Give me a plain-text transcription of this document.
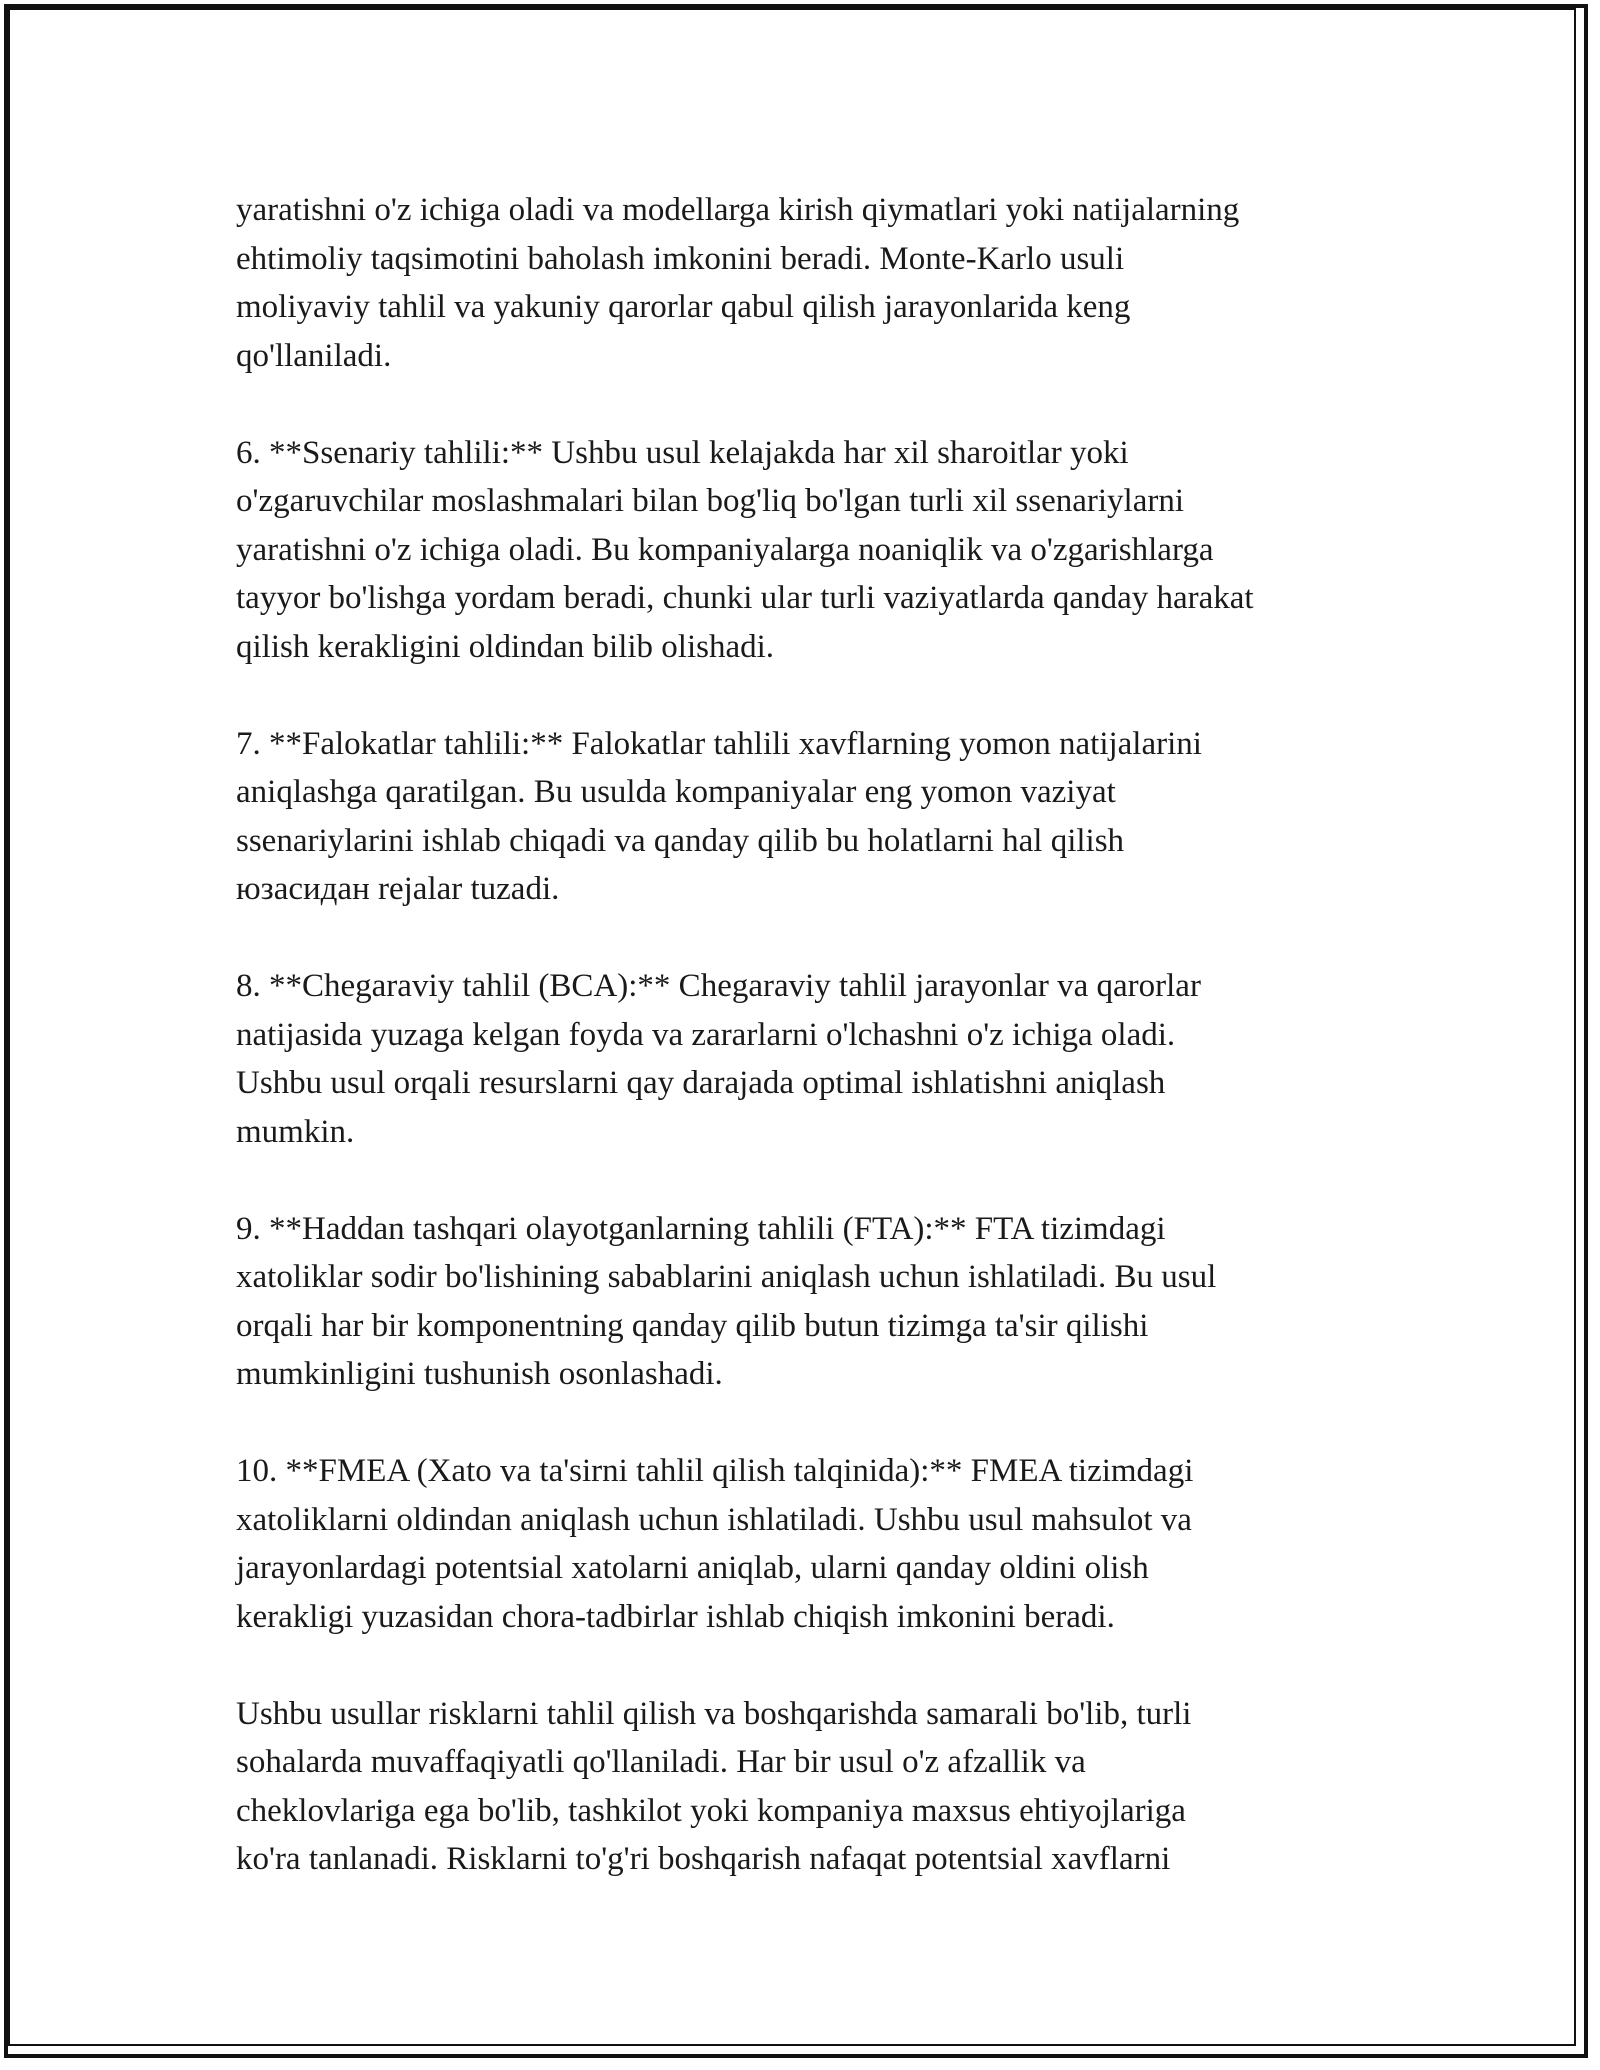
yaratishni o'z ichiga oladi va modellarga kirish qiymatlari yoki natijalarning
ehtimoliy taqsimotini baholash imkonini beradi. Monte-Karlo usuli
moliyaviy tahlil va yakuniy qarorlar qabul qilish jarayonlarida keng
qo'llaniladi.

6. **Ssenariy tahlili:** Ushbu usul kelajakda har xil sharoitlar yoki
o'zgaruvchilar moslashmalari bilan bog'liq bo'lgan turli xil ssenariylarni
yaratishni o'z ichiga oladi. Bu kompaniyalarga noaniqlik va o'zgarishlarga
tayyor bo'lishga yordam beradi, chunki ular turli vaziyatlarda qanday harakat
qilish kerakligini oldindan bilib olishadi.

7. **Falokatlar tahlili:** Falokatlar tahlili xavflarning yomon natijalarini
aniqlashga qaratilgan. Bu usulda kompaniyalar eng yomon vaziyat
ssenariylarini ishlab chiqadi va qanday qilib bu holatlarni hal qilish
юзасидан rejalar tuzadi.

8. **Chegaraviy tahlil (BCA):** Chegaraviy tahlil jarayonlar va qarorlar
natijasida yuzaga kelgan foyda va zararlarni o'lchashni o'z ichiga oladi.
Ushbu usul orqali resurslarni qay darajada optimal ishlatishni aniqlash
mumkin.

9. **Haddan tashqari olayotganlarning tahlili (FTA):** FTA tizimdagi
xatoliklar sodir bo'lishining sabablarini aniqlash uchun ishlatiladi. Bu usul
orqali har bir komponentning qanday qilib butun tizimga ta'sir qilishi
mumkinligini tushunish osonlashadi.

10. **FMEA (Xato va ta'sirni tahlil qilish talqinida):** FMEA tizimdagi
xatoliklarni oldindan aniqlash uchun ishlatiladi. Ushbu usul mahsulot va
jarayonlardagi potentsial xatolarni aniqlab, ularni qanday oldini olish
kerakligi yuzasidan chora-tadbirlar ishlab chiqish imkonini beradi.

Ushbu usullar risklarni tahlil qilish va boshqarishda samarali bo'lib, turli
sohalarda muvaffaqiyatli qo'llaniladi. Har bir usul o'z afzallik va
cheklovlariga ega bo'lib, tashkilot yoki kompaniya maxsus ehtiyojlariga
ko'ra tanlanadi. Risklarni to'g'ri boshqarish nafaqat potentsial xavflarni
